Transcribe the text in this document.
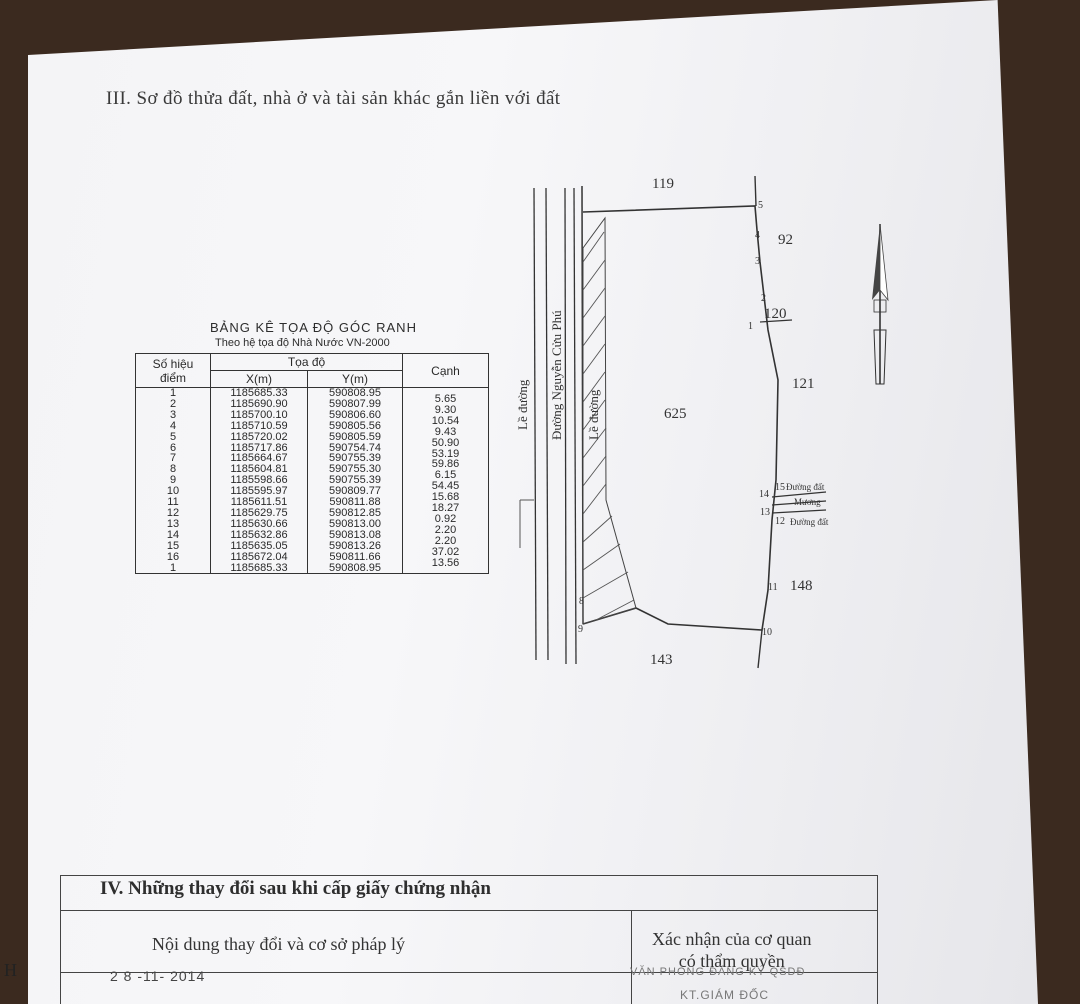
III. Sơ đồ thửa đất, nhà ở và tài sản khác gắn liền với đất
BẢNG KÊ TỌA ĐỘ GÓC RANH
Theo hệ tọa độ Nhà Nước VN-2000
Số hiệu điểm	Tọa độ		Cạnh
	X(m)	Y(m)	
1	1185685.33	590808.95	5.65
2	1185690.90	590807.99	9.30
3	1185700.10	590806.60	10.54
4	1185710.59	590805.56	9.43
5	1185720.02	590805.59	50.90
6	1185717.86	590754.74	53.19
7	1185664.67	590755.39	59.86
8	1185604.81	590755.30	6.15
9	1185598.66	590755.39	54.45
10	1185595.97	590809.77	15.68
11	1185611.51	590811.88	18.27
12	1185629.75	590812.85	0.92
13	1185630.66	590813.00	2.20
14	1185632.86	590813.08	2.20
15	1185635.05	590813.26	37.02
16	1185672.04	590811.66	13.56
1	1185685.33	590808.95	
Lề đường Đường Nguyễn Cửu Phú Lề đường	625
119
92
120
121
148
143
1
2
3
4
5
8
9	10
11
12
13
14
15 Đường đất
Mương
Đường đất
IV. Những thay đổi sau khi cấp giấy chứng nhận
Nội dung thay đổi và cơ sở pháp lý	Xác nhận của cơ quan
có thẩm quyền
2 8 -11- 2014	VĂN PHÒNG ĐĂNG KÝ QSDĐ
KT.GIÁM ĐỐC
H
